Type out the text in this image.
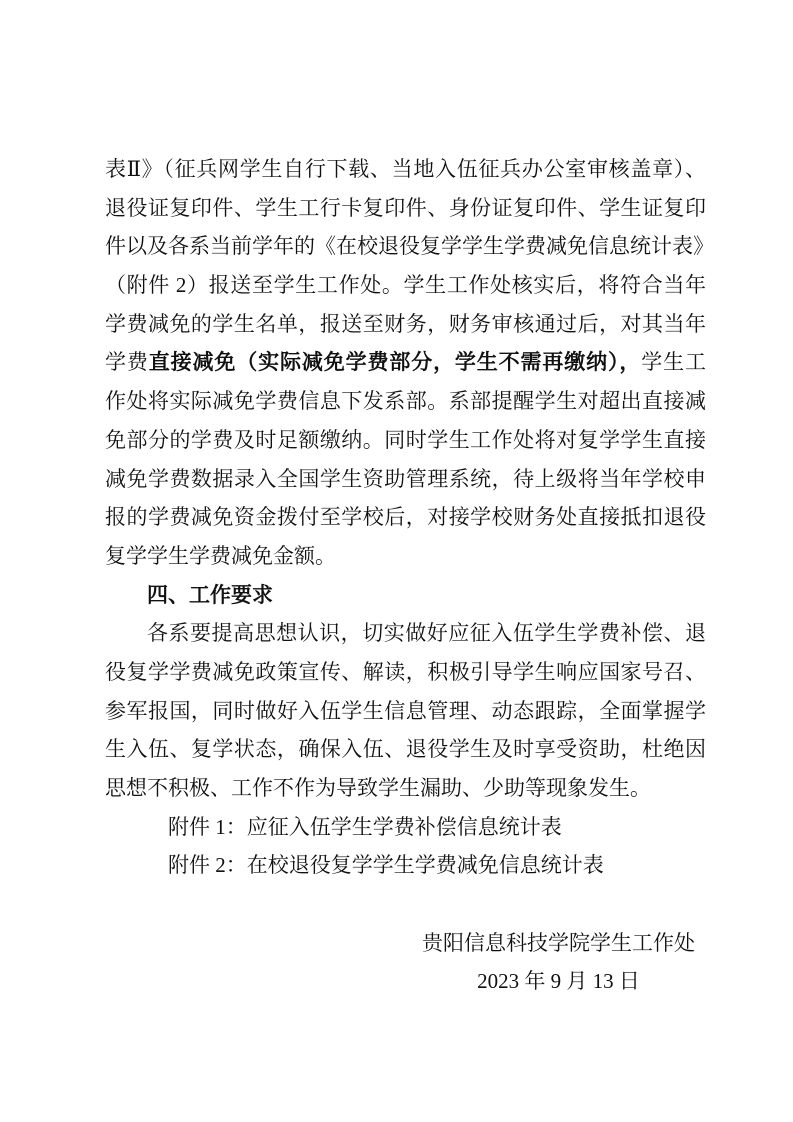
表Ⅱ》（征兵网学生自行下载、当地入伍征兵办公室审核盖章）、
退役证复印件、学生工行卡复印件、身份证复印件、学生证复印
件以及各系当前学年的《在校退役复学学生学费减免信息统计表》
（附件 2）报送至学生工作处。学生工作处核实后，将符合当年
学费减免的学生名单，报送至财务，财务审核通过后，对其当年
学费直接减免（实际减免学费部分，学生不需再缴纳），学生工
作处将实际减免学费信息下发系部。系部提醒学生对超出直接减
免部分的学费及时足额缴纳。同时学生工作处将对复学学生直接
减免学费数据录入全国学生资助管理系统，待上级将当年学校申
报的学费减免资金拨付至学校后，对接学校财务处直接抵扣退役
复学学生学费减免金额。
四、工作要求
各系要提高思想认识，切实做好应征入伍学生学费补偿、退
役复学学费减免政策宣传、解读，积极引导学生响应国家号召、
参军报国，同时做好入伍学生信息管理、动态跟踪，全面掌握学
生入伍、复学状态，确保入伍、退役学生及时享受资助，杜绝因
思想不积极、工作不作为导致学生漏助、少助等现象发生。
附件 1：应征入伍学生学费补偿信息统计表
附件 2：在校退役复学学生学费减免信息统计表
贵阳信息科技学院学生工作处
2023 年 9 月 13 日
